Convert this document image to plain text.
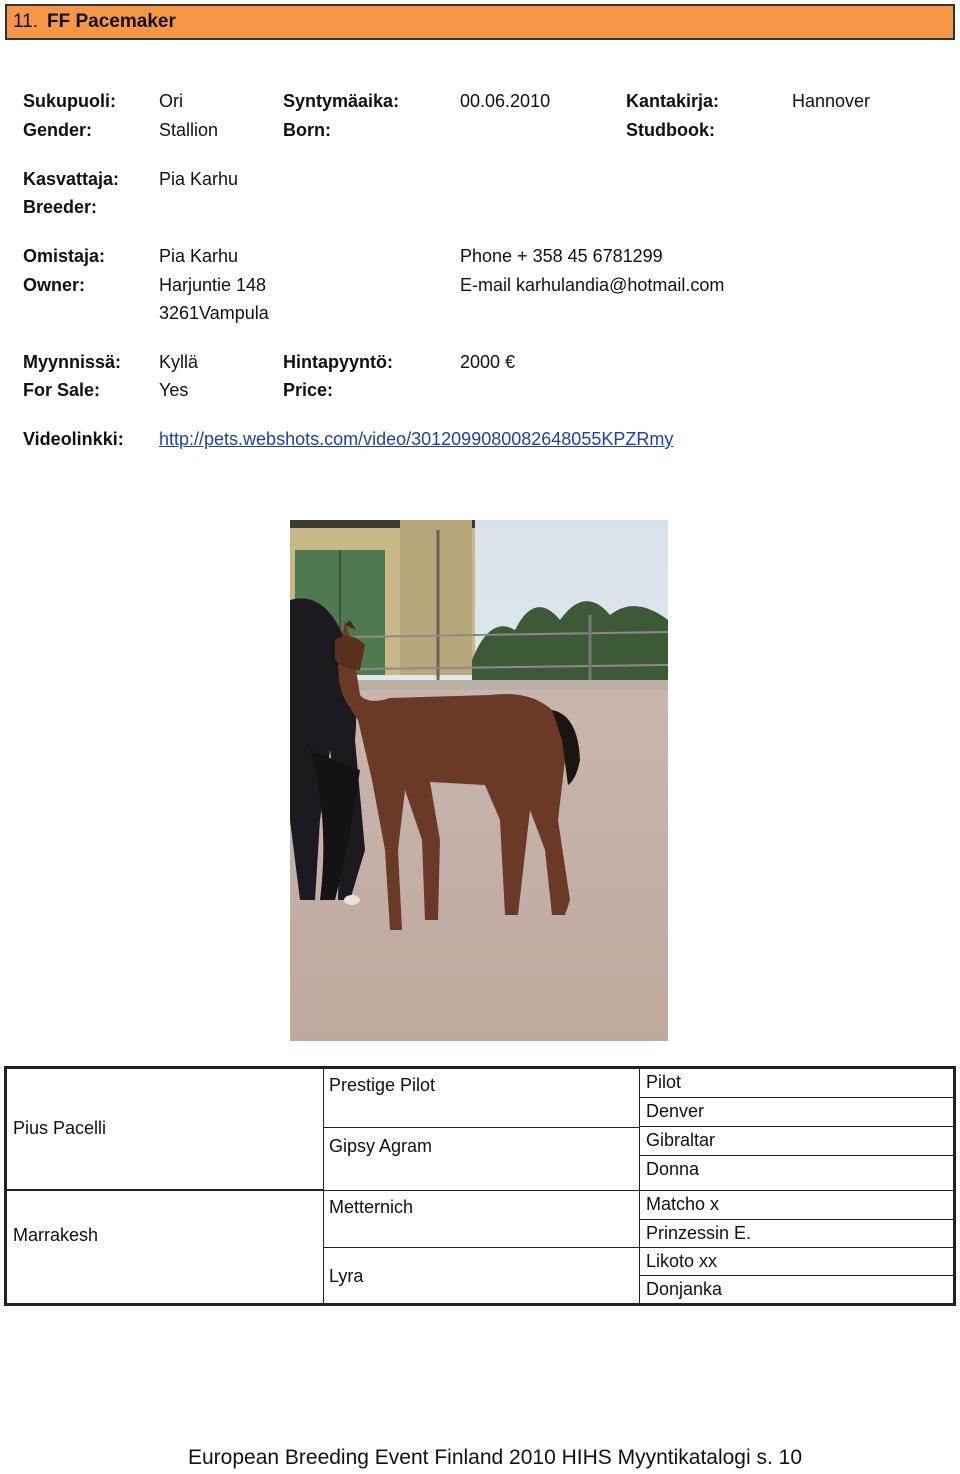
11. FF Pacemaker
Sukupuoli:
Gender:
Ori
Stallion
Syntymäaika:
Born:
00.06.2010	Kantakirja:
Studbook:
Hannover
Kasvattaja:
Breeder:
Pia Karhu
Omistaja:
Owner:
Pia Karhu
Harjuntie 148
3261Vampula
Phone + 358 45 6781299
E-mail karhulandia@hotmail.com
Myynnissä:
For Sale:
Kyllä
Yes
Hintapyyntö:
Price:
2000 €
Videolinkki: http://pets.webshots.com/video/3012099080082648055KPZRmy
Pius Pacelli
Marrakesh
Prestige Pilot
Gipsy Agram
Metternich
Lyra
Pilot
Denver
Gibraltar
Donna
Matcho x
Prinzessin E.
Likoto xx
Donjanka
European Breeding Event Finland 2010 HIHS Myyntikatalogi s. 10
